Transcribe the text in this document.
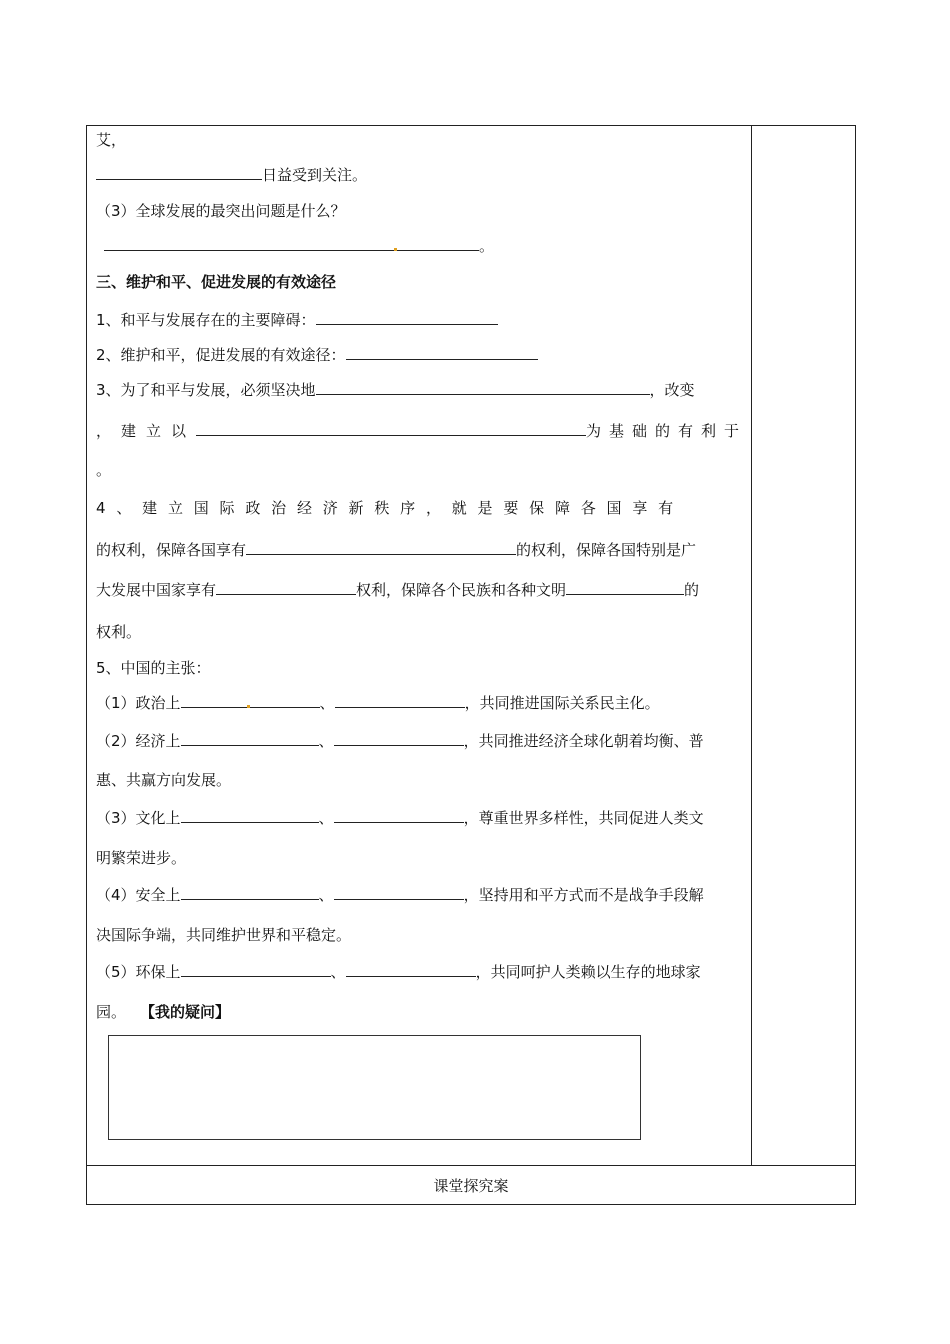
艾，
日益受到关注。
（3）全球发展的最突出问题是什么？
。
三、维护和平、促进发展的有效途径
1、和平与发展存在的主要障碍：
2、维护和平，促进发展的有效途径：
3、为了和平与发展，必须坚决地	，改变
，建立以	为基础的有利于
。
4、建立国际政治经济新秩序，就是要保障各国享有
的权利，保障各国享有	的权利，保障各国特别是广
大发展中国家享有	权利，保障各个民族和各种文明	的
权利。
5、中国的主张：
（1）政治上	、	，共同推进国际关系民主化。
（2）经济上	、	，共同推进经济全球化朝着均衡、普
惠、共赢方向发展。
（3）文化上	、	，尊重世界多样性，共同促进人类文
明繁荣进步。
（4）安全上	、	，坚持用和平方式而不是战争手段解
决国际争端，共同维护世界和平稳定。
（5）环保上	、	，共同呵护人类赖以生存的地球家
园。 【我的疑问】
课堂探究案
